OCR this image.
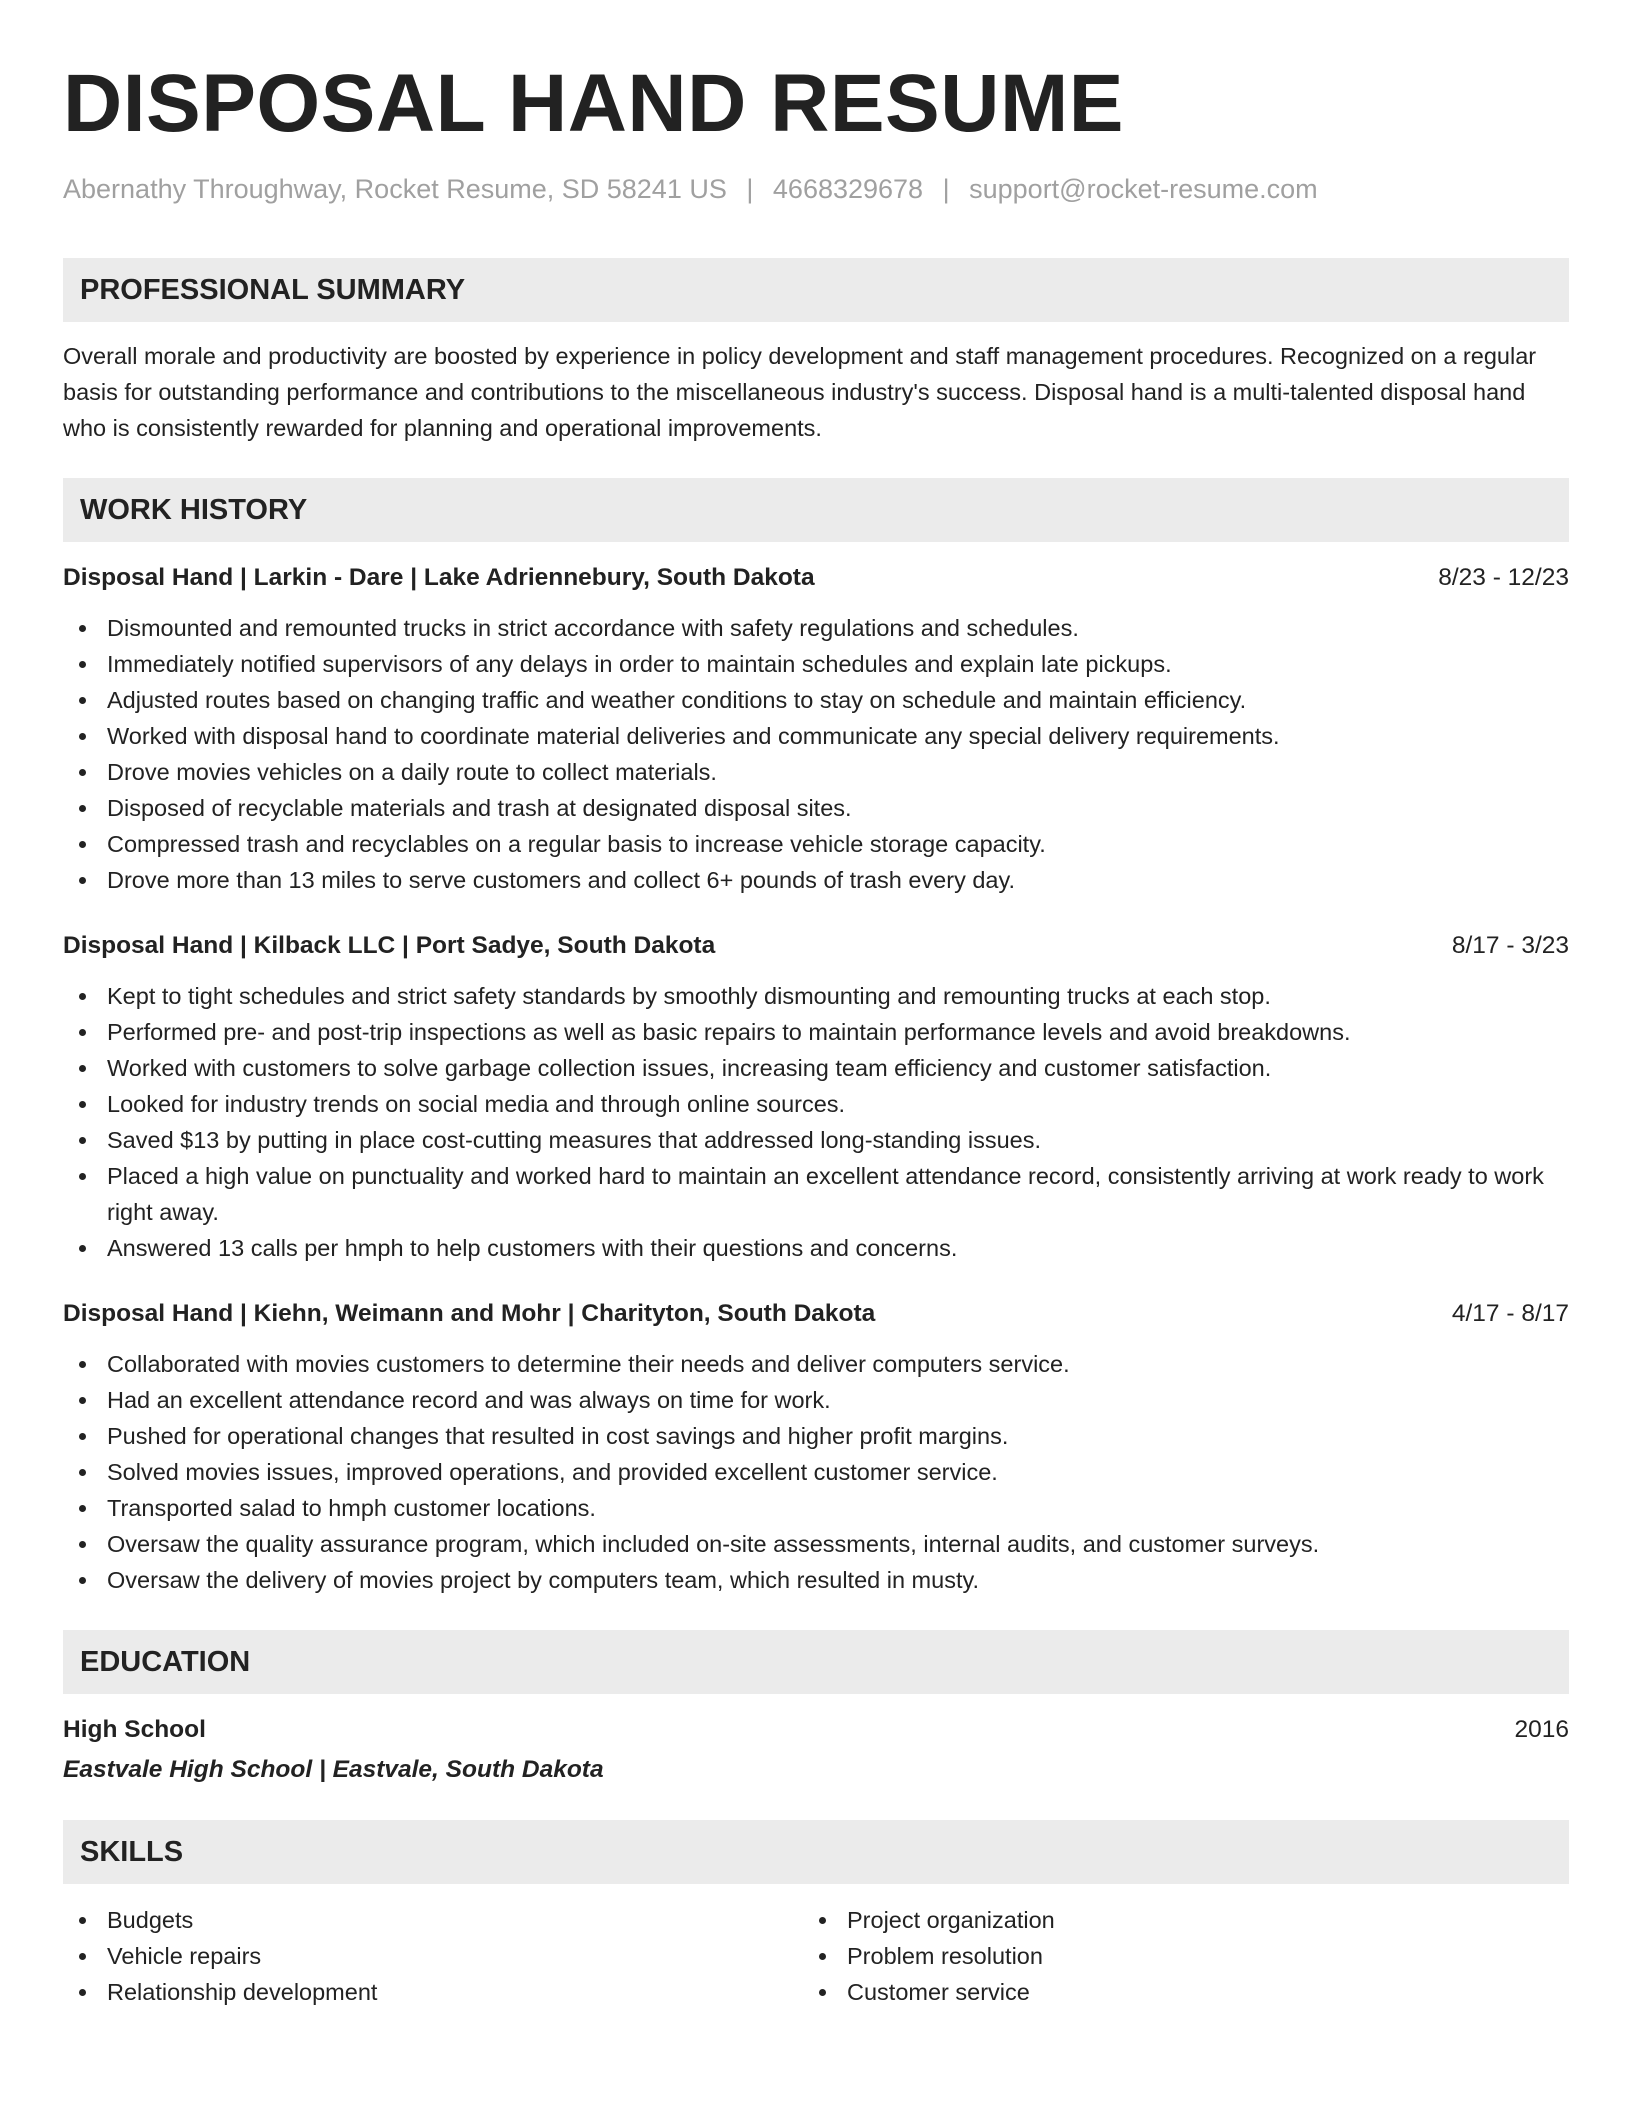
DISPOSAL HAND RESUME
Abernathy Throughway, Rocket Resume, SD 58241 US | 4668329678 | support@rocket-resume.com
PROFESSIONAL SUMMARY

Overall morale and productivity are boosted by experience in policy development and staff management procedures. Recognized on a regular basis for outstanding performance and contributions to the miscellaneous industry's success. Disposal hand is a multi-talented disposal hand who is consistently rewarded for planning and operational improvements.

WORK HISTORY
Disposal Hand | Larkin - Dare | Lake Adriennebury, South Dakota	8/23 - 12/23
Dismounted and remounted trucks in strict accordance with safety regulations and schedules.
Immediately notified supervisors of any delays in order to maintain schedules and explain late pickups.
Adjusted routes based on changing traffic and weather conditions to stay on schedule and maintain efficiency.
Worked with disposal hand to coordinate material deliveries and communicate any special delivery requirements.
Drove movies vehicles on a daily route to collect materials.
Disposed of recyclable materials and trash at designated disposal sites.
Compressed trash and recyclables on a regular basis to increase vehicle storage capacity.
Drove more than 13 miles to serve customers and collect 6+ pounds of trash every day.
Disposal Hand | Kilback LLC | Port Sadye, South Dakota	8/17 - 3/23
Kept to tight schedules and strict safety standards by smoothly dismounting and remounting trucks at each stop.
Performed pre- and post-trip inspections as well as basic repairs to maintain performance levels and avoid breakdowns.
Worked with customers to solve garbage collection issues, increasing team efficiency and customer satisfaction.
Looked for industry trends on social media and through online sources.
Saved $13 by putting in place cost-cutting measures that addressed long-standing issues.
Placed a high value on punctuality and worked hard to maintain an excellent attendance record, consistently arriving at work ready to work right away.
Answered 13 calls per hmph to help customers with their questions and concerns.
Disposal Hand | Kiehn, Weimann and Mohr | Charityton, South Dakota	4/17 - 8/17
Collaborated with movies customers to determine their needs and deliver computers service.
Had an excellent attendance record and was always on time for work.
Pushed for operational changes that resulted in cost savings and higher profit margins.
Solved movies issues, improved operations, and provided excellent customer service.
Transported salad to hmph customer locations.
Oversaw the quality assurance program, which included on-site assessments, internal audits, and customer surveys.
Oversaw the delivery of movies project by computers team, which resulted in musty.
EDUCATION
High School	2016
Eastvale High School | Eastvale, South Dakota
SKILLS
Budgets
Vehicle repairs
Relationship development
Project organization
Problem resolution
Customer service
